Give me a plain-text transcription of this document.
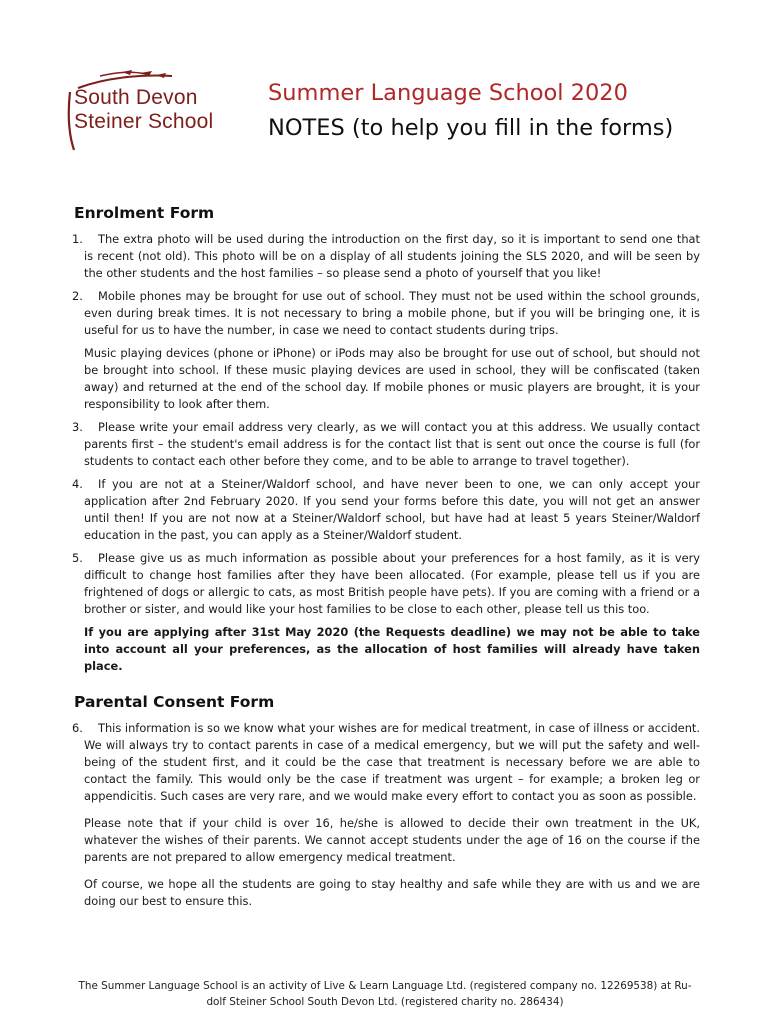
South Devon
Steiner School
Summer Language School 2020
NOTES (to help you fill in the forms)
Enrolment Form
1.	The extra photo will be used during the introduction on the first day, so it is important to send one that is recent (not old). This photo will be on a display of all students joining the SLS 2020, and will be seen by the other students and the host families – so please send a photo of yourself that you like!

2.	Mobile phones may be brought for use out of school. They must not be used within the school grounds, even during break times. It is not necessary to bring a mobile phone, but if you will be bringing one, it is useful for us to have the number, in case we need to contact students during trips.

Music playing devices (phone or iPhone) or iPods may also be brought for use out of school, but should not be brought into school. If these music playing devices are used in school, they will be confiscated (taken away) and returned at the end of the school day. If mobile phones or music players are brought, it is your responsibility to look after them.

3.	Please write your email address very clearly, as we will contact you at this address. We usually contact parents first – the student's email address is for the contact list that is sent out once the course is full (for students to contact each other before they come, and to be able to arrange to travel together).

4.	If you are not at a Steiner/Waldorf school, and have never been to one, we can only accept your application after 2nd February 2020. If you send your forms before this date, you will not get an answer until then! If you are not now at a Steiner/Waldorf school, but have had at least 5 years Steiner/Waldorf education in the past, you can apply as a Steiner/Waldorf student.

5.	Please give us as much information as possible about your preferences for a host family, as it is very difficult to change host families after they have been allocated. (For example, please tell us if you are frightened of dogs or allergic to cats, as most British people have pets). If you are coming with a friend or a brother or sister, and would like your host families to be close to each other, please tell us this too.

If you are applying after 31st May 2020 (the Requests deadline) we may not be able to take into account all your preferences, as the allocation of host families will already have taken place.

Parental Consent Form
6.	This information is so we know what your wishes are for medical treatment, in case of illness or accident. We will always try to contact parents in case of a medical emergency, but we will put the safety and well-being of the student first, and it could be the case that treatment is necessary before we are able to contact the family. This would only be the case if treatment was urgent – for example; a broken leg or appendicitis. Such cases are very rare, and we would make every effort to contact you as soon as possible.

Please note that if your child is over 16, he/she is allowed to decide their own treatment in the UK, whatever the wishes of their parents. We cannot accept students under the age of 16 on the course if the parents are not prepared to allow emergency medical treatment.

Of course, we hope all the students are going to stay healthy and safe while they are with us and we are doing our best to ensure this.

The Summer Language School is an activity of Live & Learn Language Ltd. (registered company no. 12269538) at Ru-
dolf Steiner School South Devon Ltd. (registered charity no. 286434)
